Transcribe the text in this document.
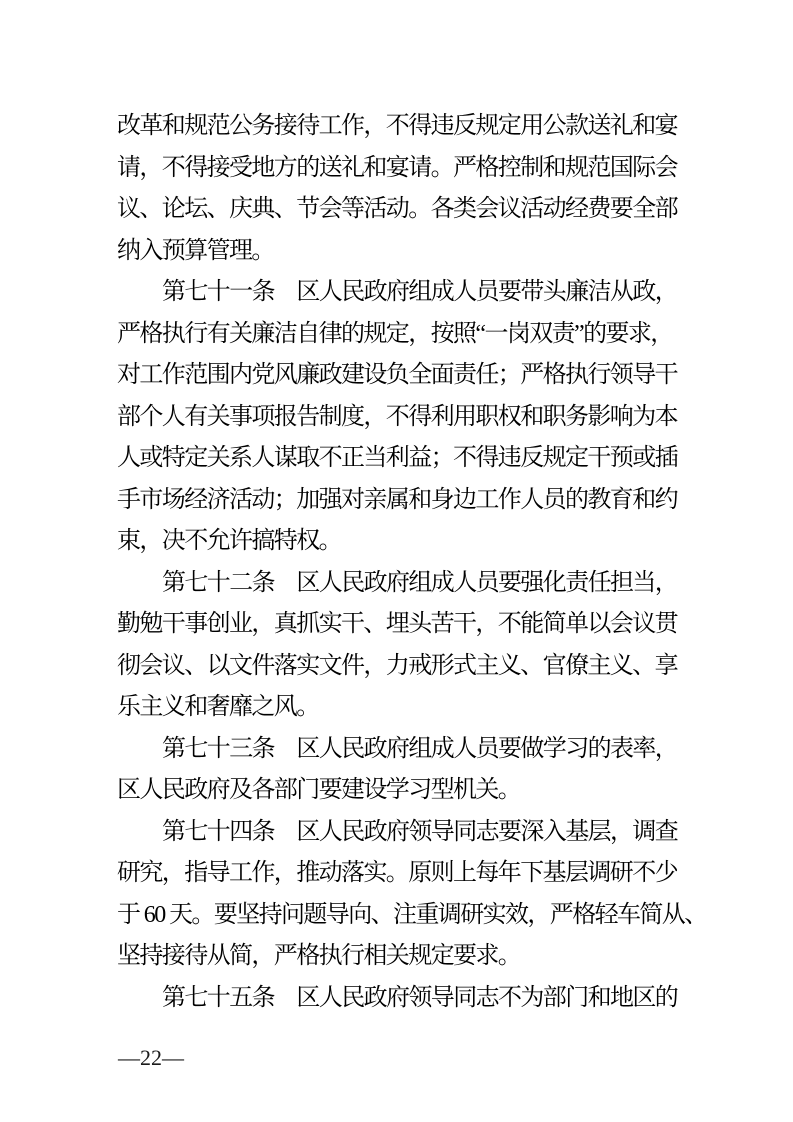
改革和规范公务接待工作，不得违反规定用公款送礼和宴
请，不得接受地方的送礼和宴请。严格控制和规范国际会
议、论坛、庆典、节会等活动。各类会议活动经费要全部
纳入预算管理。
第七十一条　区人民政府组成人员要带头廉洁从政，
严格执行有关廉洁自律的规定，按照“一岗双责”的要求，
对工作范围内党风廉政建设负全面责任；严格执行领导干
部个人有关事项报告制度，不得利用职权和职务影响为本
人或特定关系人谋取不正当利益；不得违反规定干预或插
手市场经济活动；加强对亲属和身边工作人员的教育和约
束，决不允许搞特权。
第七十二条　区人民政府组成人员要强化责任担当，
勤勉干事创业，真抓实干、埋头苦干，不能简单以会议贯
彻会议、以文件落实文件，力戒形式主义、官僚主义、享
乐主义和奢靡之风。
第七十三条　区人民政府组成人员要做学习的表率，
区人民政府及各部门要建设学习型机关。
第七十四条　区人民政府领导同志要深入基层，调查
研究，指导工作，推动落实。原则上每年下基层调研不少
于 60 天。要坚持问题导向、注重调研实效，严格轻车简从、
坚持接待从简，严格执行相关规定要求。
第七十五条　区人民政府领导同志不为部门和地区的
—22—
